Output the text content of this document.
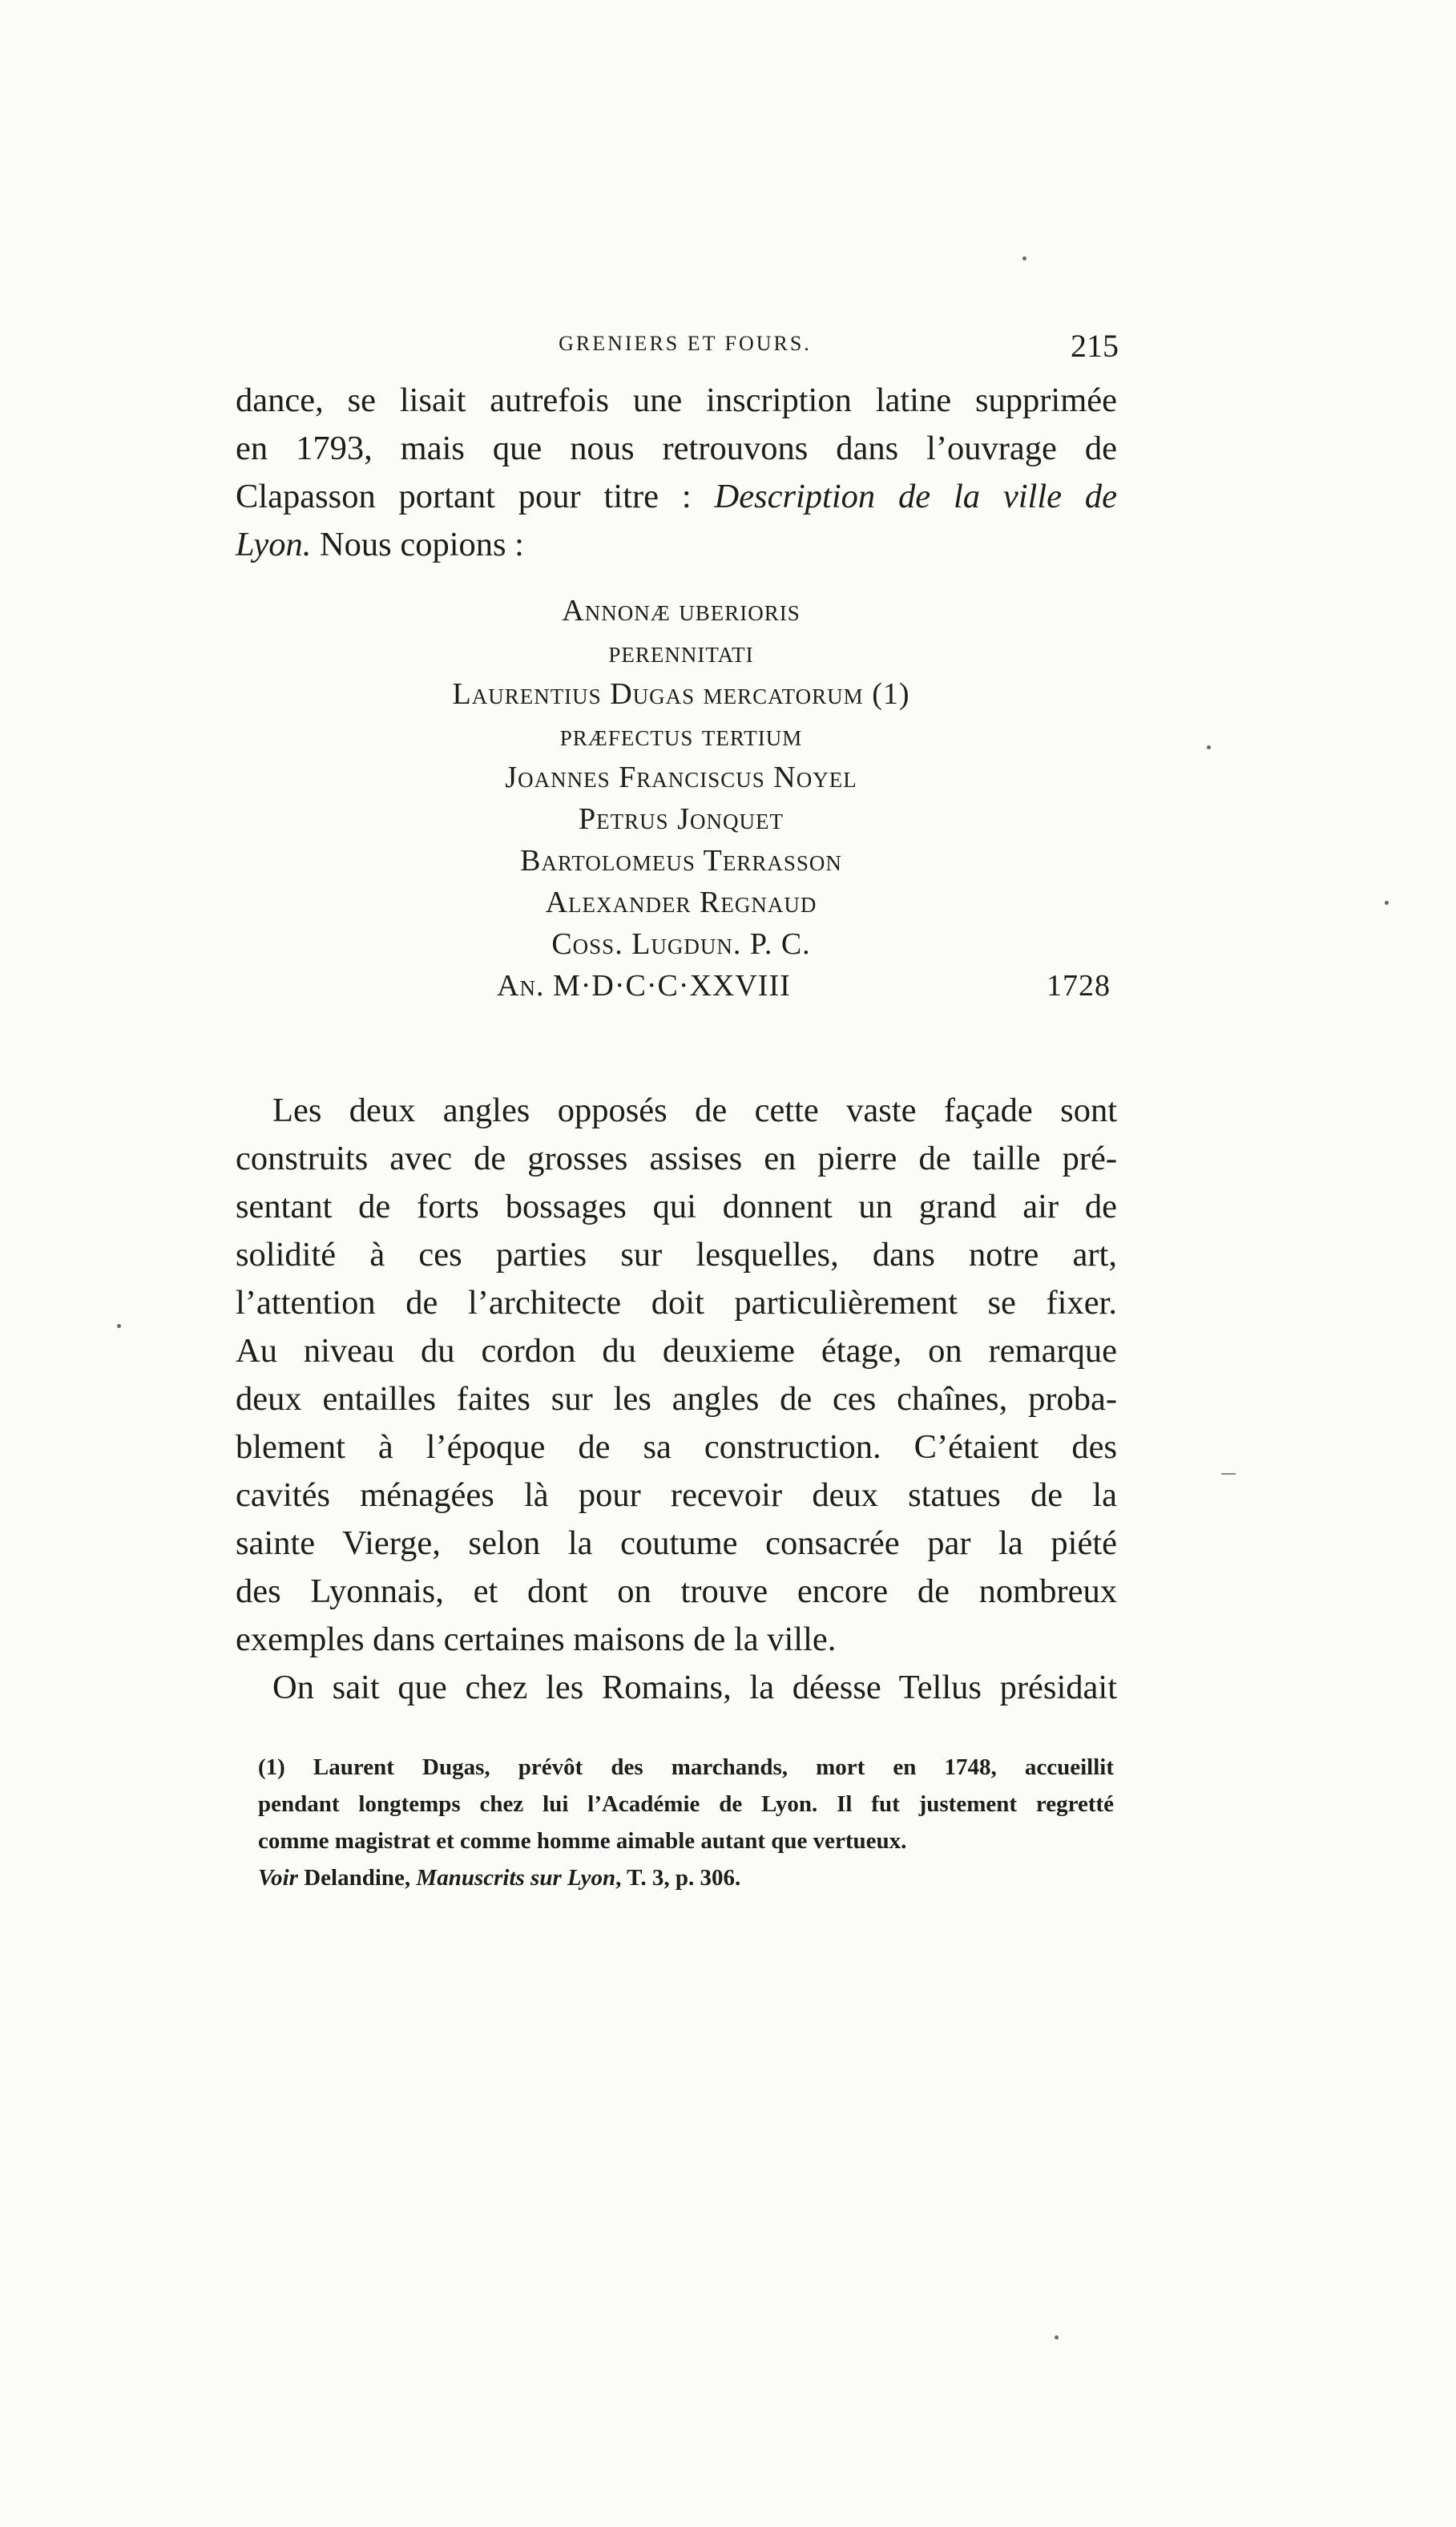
GRENIERS ET FOURS.	215
dance, se lisait autrefois une inscription latine supprimée
en 1793, mais que nous retrouvons dans l’ouvrage de
Clapasson portant pour titre : Description de la ville de
Lyon. Nous copions :
Annonæ uberioris
perennitati
Laurentius Dugas mercatorum (1)
præfectus tertium
Joannes Franciscus Noyel
Petrus Jonquet
Bartolomeus Terrasson
Alexander Regnaud
Coss. Lugdun. P. C.
An. M·D·C·C·XXVIII	1728
Les deux angles opposés de cette vaste façade sont
construits avec de grosses assises en pierre de taille pré-
sentant de forts bossages qui donnent un grand air de
solidité à ces parties sur lesquelles, dans notre art,
l’attention de l’architecte doit particulièrement se fixer.
Au niveau du cordon du deuxieme étage, on remarque
deux entailles faites sur les angles de ces chaînes, proba-
blement à l’époque de sa construction. C’étaient des
cavités ménagées là pour recevoir deux statues de la
sainte Vierge, selon la coutume consacrée par la piété
des Lyonnais, et dont on trouve encore de nombreux
exemples dans certaines maisons de la ville.
On sait que chez les Romains, la déesse Tellus présidait
(1) Laurent Dugas, prévôt des marchands, mort en 1748, accueillit
pendant longtemps chez lui l’Académie de Lyon. Il fut justement regretté
comme magistrat et comme homme aimable autant que vertueux.
Voir Delandine, Manuscrits sur Lyon, T. 3, p. 306.
